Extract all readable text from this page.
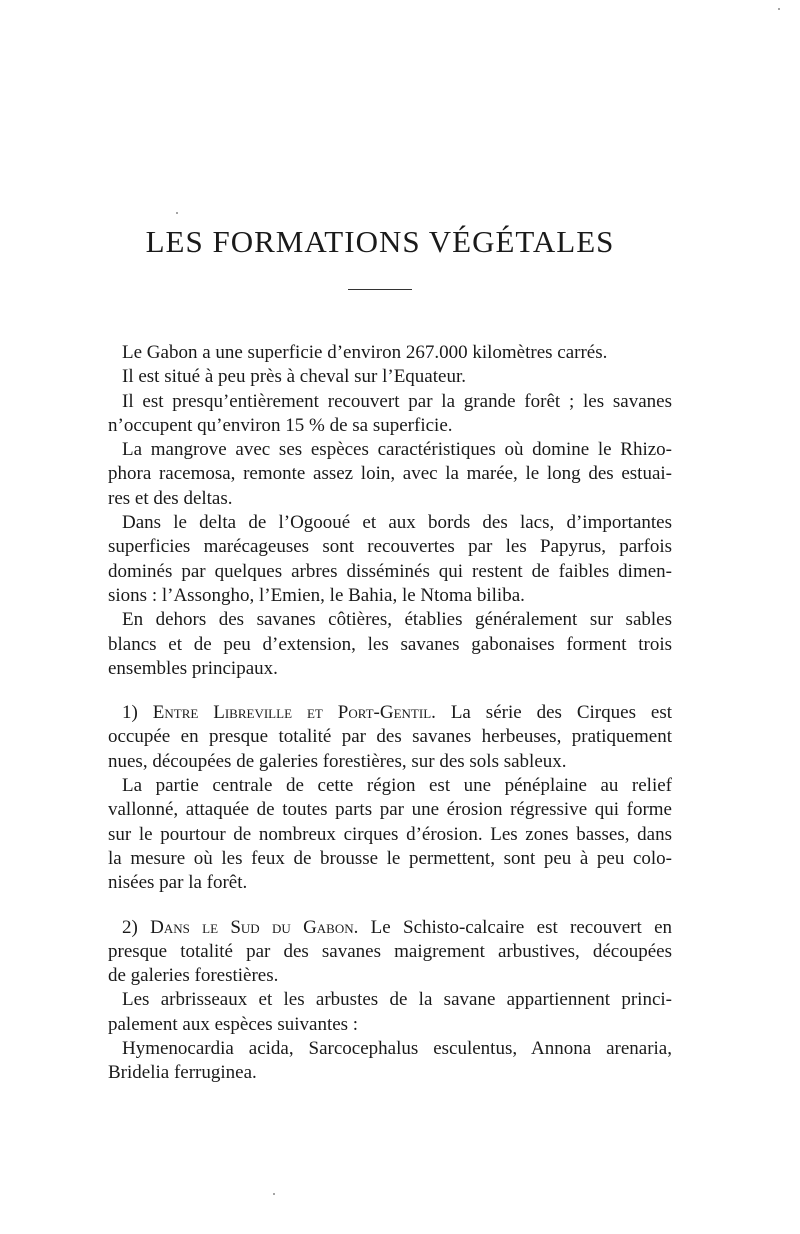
LES FORMATIONS VÉGÉTALES
Le Gabon a une superficie d’environ 267.000 kilomètres carrés.
Il est situé à peu près à cheval sur l’Equateur.
Il est presqu’entièrement recouvert par la grande forêt ; les savanes
n’occupent qu’environ 15 % de sa superficie.
La mangrove avec ses espèces caractéristiques où domine le Rhizo-
phora racemosa, remonte assez loin, avec la marée, le long des estuai-
res et des deltas.
Dans le delta de l’Ogooué et aux bords des lacs, d’importantes
superficies marécageuses sont recouvertes par les Papyrus, parfois
dominés par quelques arbres disséminés qui restent de faibles dimen-
sions : l’Assongho, l’Emien, le Bahia, le Ntoma biliba.
En dehors des savanes côtières, établies généralement sur sables
blancs et de peu d’extension, les savanes gabonaises forment trois
ensembles principaux.
1) Entre Libreville et Port-Gentil. La série des Cirques est
occupée en presque totalité par des savanes herbeuses, pratiquement
nues, découpées de galeries forestières, sur des sols sableux.
La partie centrale de cette région est une pénéplaine au relief
vallonné, attaquée de toutes parts par une érosion régressive qui forme
sur le pourtour de nombreux cirques d’érosion. Les zones basses, dans
la mesure où les feux de brousse le permettent, sont peu à peu colo-
nisées par la forêt.
2) Dans le Sud du Gabon. Le Schisto-calcaire est recouvert en
presque totalité par des savanes maigrement arbustives, découpées
de galeries forestières.
Les arbrisseaux et les arbustes de la savane appartiennent princi-
palement aux espèces suivantes :
Hymenocardia acida, Sarcocephalus esculentus, Annona arenaria,
Bridelia ferruginea.
